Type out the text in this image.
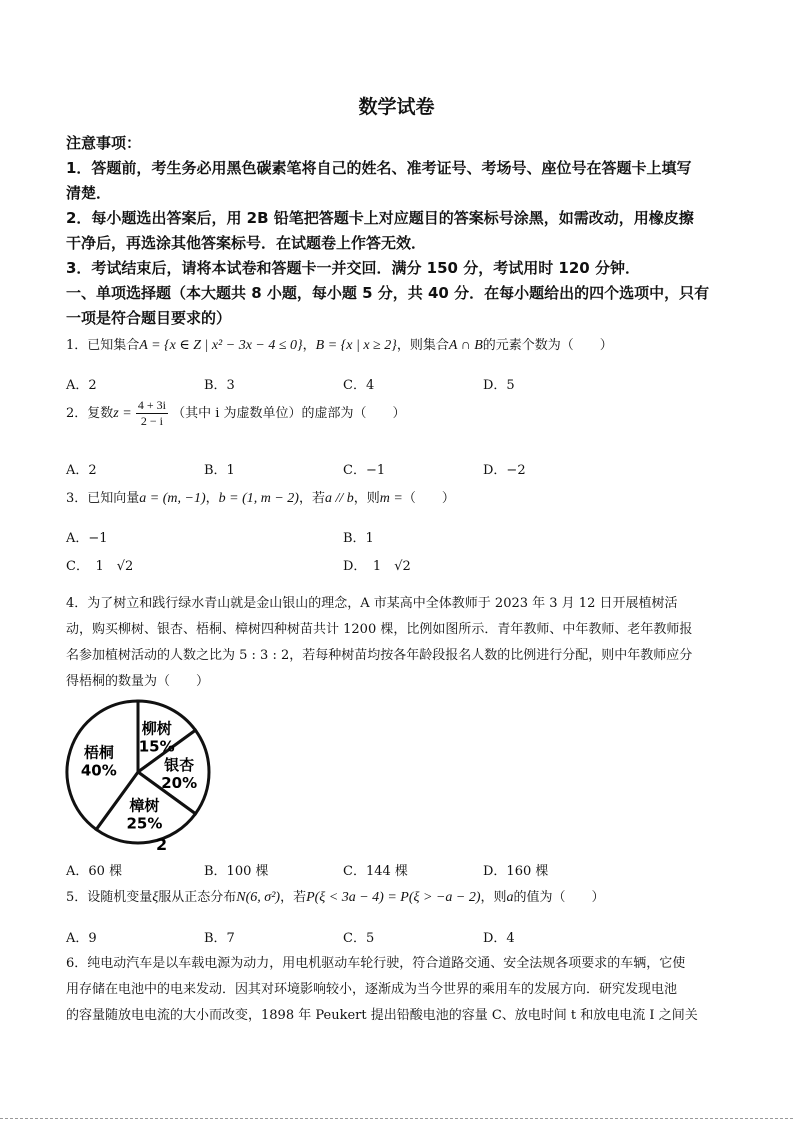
数学试卷
注意事项：
1．答题前，考生务必用黑色碳素笔将自己的姓名、准考证号、考场号、座位号在答题卡上填写
清楚．
2．每小题选出答案后，用 2B 铅笔把答题卡上对应题目的答案标号涂黑，如需改动，用橡皮擦
干净后，再选涂其他答案标号．在试题卷上作答无效．
3．考试结束后，请将本试卷和答题卡一并交回．满分 150 分，考试用时 120 分钟．
一、单项选择题（本大题共 8 小题，每小题 5 分，共 40 分．在每小题给出的四个选项中，只有
一项是符合题目要求的）
1．已知集合A = {x ∈ Z | x² − 3x − 4 ≤ 0}，B = {x | x ≥ 2}，则集合A ∩ B的元素个数为（　　）
A．2	B．3	C．4	D．5
2．复数$z = \frac{4 + 3i}{2 - i}$ （其中 i 为虚数单位）的虚部为（　　）
A．2	B．1	C．−1	D．−2
3．已知向量a = (m, −1)，b = (1, m − 2)，若a // b，则m =（　　）
A．−1	B．1
C．　1　√2	D．　1　√2
4．为了树立和践行绿水青山就是金山银山的理念，A 市某高中全体教师于 2023 年 3 月 12 日开展植树活
动，购买柳树、银杏、梧桐、樟树四种树苗共计 1200 棵，比例如图所示．青年教师、中年教师、老年教师报
名参加植树活动的人数之比为 5 : 3 : 2，若每种树苗均按各年龄段报名人数的比例进行分配，则中年教师应分
得梧桐的数量为（　　）
柳树
15%
银杏
20%
樟树
25%
梧桐
40%
2
A．60 棵	B．100 棵	C．144 棵	D．160 棵
5．设随机变量ξ服从正态分布N(6, σ²)，若P(ξ < 3a − 4) = P(ξ > −a − 2)，则a的值为（　　）
A．9	B．7	C．5	D．4
6．纯电动汽车是以车载电源为动力，用电机驱动车轮行驶，符合道路交通、安全法规各项要求的车辆，它使
用存储在电池中的电来发动．因其对环境影响较小，逐渐成为当今世界的乘用车的发展方向．研究发现电池
的容量随放电电流的大小而改变，1898 年 Peukert 提出铅酸电池的容量 C、放电时间 t 和放电电流 I 之间关
